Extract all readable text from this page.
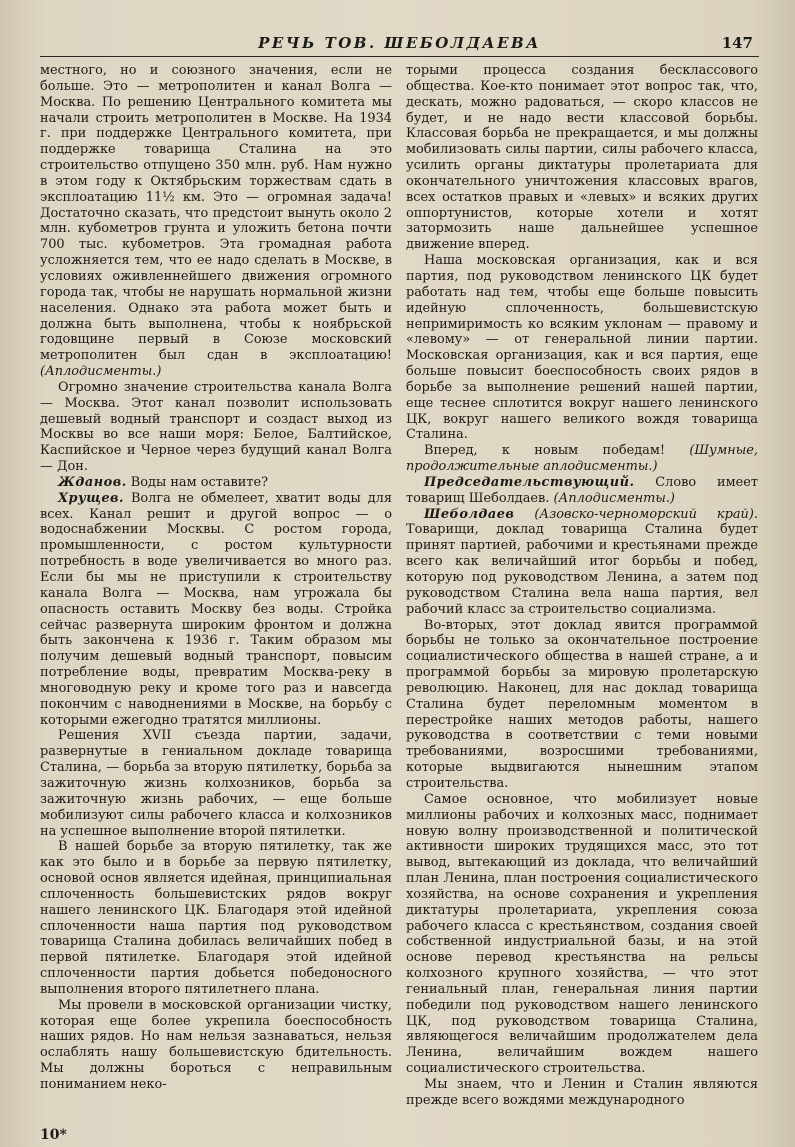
РЕЧЬ ТОВ. ШЕБОЛДАЕВА	147

местного, но и союзного значения, если не больше. Это — метрополитен и канал Волга — Москва. По решению Центрального комитета мы начали строить метрополитен в Москве. На 1934 г. при поддержке Центрального комитета, при поддержке товарища Сталина на это строительство отпущено 350 млн. руб. Нам нужно в этом году к Октябрьским торжествам сдать в эксплоатацию 11½ км. Это — огромная задача! Достаточно сказать, что предстоит вынуть около 2 млн. кубометров грунта и уложить бетона почти 700 тыс. кубометров. Эта громадная работа усложняется тем, что ее надо сделать в Москве, в условиях оживленнейшего движения огромного города так, чтобы не нарушать нормальной жизни населения. Однако эта работа может быть и должна быть выполнена, чтобы к ноябрьской годовщине первый в Союзе московский метрополитен был сдан в эксплоатацию! (Аплодисменты.)

Огромно значение строительства канала Волга — Москва. Этот канал позволит использовать дешевый водный транспорт и создаст выход из Москвы во все наши моря: Белое, Балтийское, Каспийское и Черное через будущий канал Волга — Дон.

Жданов. Воды нам оставите?

Хрущев. Волга не обмелеет, хватит воды для всех. Канал решит и другой вопрос — о водоснабжении Москвы. С ростом города, промышленности, с ростом культурности потребность в воде увеличивается во много раз. Если бы мы не приступили к строительству канала Волга — Москва, нам угрожала бы опасность оставить Москву без воды. Стройка сейчас развернута широким фронтом и должна быть закончена к 1936 г. Таким образом мы получим дешевый водный транспорт, повысим потребление воды, превратим Москва-реку в многоводную реку и кроме того раз и навсегда покончим с наводнениями в Москве, на борьбу с которыми ежегодно тратятся миллионы.

Решения XVII съезда партии, задачи, развернутые в гениальном докладе товарища Сталина, — борьба за вторую пятилетку, борьба за зажиточную жизнь колхозников, борьба за зажиточную жизнь рабочих, — еще больше мобилизуют силы рабочего класса и колхозников на успешное выполнение второй пятилетки.

В нашей борьбе за вторую пятилетку, так же как это было и в борьбе за первую пятилетку, основой основ является идейная, принципиальная сплоченность большевистских рядов вокруг нашего ленинского ЦК. Благодаря этой идейной сплоченности наша партия под руководством товарища Сталина добилась величайших побед в первой пятилетке. Благодаря этой идейной сплоченности партия добьется победоносного выполнения второго пятилетнего плана.

Мы провели в московской организации чистку, которая еще более укрепила боеспособность наших рядов. Но нам нельзя зазнаваться, нельзя ослаблять нашу большевистскую бдительность. Мы должны бороться с неправильным пониманием неко-

торыми процесса создания бесклассового общества. Кое-кто понимает этот вопрос так, что, дескать, можно радоваться, — скоро классов не будет, и не надо вести классовой борьбы. Классовая борьба не прекращается, и мы должны мобилизовать силы партии, силы рабочего класса, усилить органы диктатуры пролетариата для окончательного уничтожения классовых врагов, всех остатков правых и «левых» и всяких других оппортунистов, которые хотели и хотят затормозить наше дальнейшее успешное движение вперед.

Наша московская организация, как и вся партия, под руководством ленинского ЦК будет работать над тем, чтобы еще больше повысить идейную сплоченность, большевистскую непримиримость ко всяким уклонам — правому и «левому» — от генеральной линии партии. Московская организация, как и вся партия, еще больше повысит боеспособность своих рядов в борьбе за выполнение решений нашей партии, еще теснее сплотится вокруг нашего ленинского ЦК, вокруг нашего великого вождя товарища Сталина.

Вперед, к новым победам! (Шумные, продолжительные аплодисменты.)

Председательствующий. Слово имеет товарищ Шеболдаев. (Аплодисменты.)

Шеболдаев (Азовско-черноморский край). Товарищи, доклад товарища Сталина будет принят партией, рабочими и крестьянами прежде всего как величайший итог борьбы и побед, которую под руководством Ленина, а затем под руководством Сталина вела наша партия, вел рабочий класс за строительство социализма.

Во-вторых, этот доклад явится программой борьбы не только за окончательное построение социалистического общества в нашей стране, а и программой борьбы за мировую пролетарскую революцию. Наконец, для нас доклад товарища Сталина будет переломным моментом в перестройке наших методов работы, нашего руководства в соответствии с теми новыми требованиями, возросшими требованиями, которые выдвигаются нынешним этапом строительства.

Самое основное, что мобилизует новые миллионы рабочих и колхозных масс, поднимает новую волну производственной и политической активности широких трудящихся масс, это тот вывод, вытекающий из доклада, что величайший план Ленина, план построения социалистического хозяйства, на основе сохранения и укрепления диктатуры пролетариата, укрепления союза рабочего класса с крестьянством, создания своей собственной индустриальной базы, и на этой основе перевод крестьянства на рельсы колхозного крупного хозяйства, — что этот гениальный план, генеральная линия партии победили под руководством нашего ленинского ЦК, под руководством товарища Сталина, являющегося величайшим продолжателем дела Ленина, величайшим вождем нашего социалистического строительства.

Мы знаем, что и Ленин и Сталин являются прежде всего вождями международного

10*
